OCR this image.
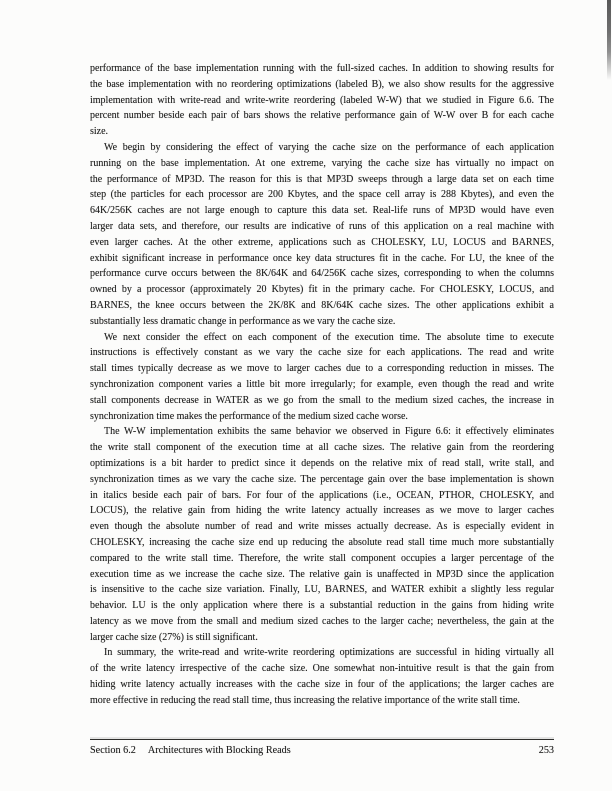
performance of the base implementation running with the full-sized caches. In addition to showing results for
the base implementation with no reordering optimizations (labeled B), we also show results for the aggressive
implementation with write-read and write-write reordering (labeled W-W) that we studied in Figure 6.6. The
percent number beside each pair of bars shows the relative performance gain of W-W over B for each cache
size.
We begin by considering the effect of varying the cache size on the performance of each application
running on the base implementation. At one extreme, varying the cache size has virtually no impact on
the performance of MP3D. The reason for this is that MP3D sweeps through a large data set on each time
step (the particles for each processor are 200 Kbytes, and the space cell array is 288 Kbytes), and even the
64K/256K caches are not large enough to capture this data set. Real-life runs of MP3D would have even
larger data sets, and therefore, our results are indicative of runs of this application on a real machine with
even larger caches. At the other extreme, applications such as CHOLESKY, LU, LOCUS and BARNES,
exhibit significant increase in performance once key data structures fit in the cache. For LU, the knee of the
performance curve occurs between the 8K/64K and 64/256K cache sizes, corresponding to when the columns
owned by a processor (approximately 20 Kbytes) fit in the primary cache. For CHOLESKY, LOCUS, and
BARNES, the knee occurs between the 2K/8K and 8K/64K cache sizes. The other applications exhibit a
substantially less dramatic change in performance as we vary the cache size.
We next consider the effect on each component of the execution time. The absolute time to execute
instructions is effectively constant as we vary the cache size for each applications. The read and write
stall times typically decrease as we move to larger caches due to a corresponding reduction in misses. The
synchronization component varies a little bit more irregularly; for example, even though the read and write
stall components decrease in WATER as we go from the small to the medium sized caches, the increase in
synchronization time makes the performance of the medium sized cache worse.
The W-W implementation exhibits the same behavior we observed in Figure 6.6: it effectively eliminates
the write stall component of the execution time at all cache sizes. The relative gain from the reordering
optimizations is a bit harder to predict since it depends on the relative mix of read stall, write stall, and
synchronization times as we vary the cache size. The percentage gain over the base implementation is shown
in italics beside each pair of bars. For four of the applications (i.e., OCEAN, PTHOR, CHOLESKY, and
LOCUS), the relative gain from hiding the write latency actually increases as we move to larger caches
even though the absolute number of read and write misses actually decrease. As is especially evident in
CHOLESKY, increasing the cache size end up reducing the absolute read stall time much more substantially
compared to the write stall time. Therefore, the write stall component occupies a larger percentage of the
execution time as we increase the cache size. The relative gain is unaffected in MP3D since the application
is insensitive to the cache size variation. Finally, LU, BARNES, and WATER exhibit a slightly less regular
behavior. LU is the only application where there is a substantial reduction in the gains from hiding write
latency as we move from the small and medium sized caches to the larger cache; nevertheless, the gain at the
larger cache size (27%) is still significant.
In summary, the write-read and write-write reordering optimizations are successful in hiding virtually all
of the write latency irrespective of the cache size. One somewhat non-intuitive result is that the gain from
hiding write latency actually increases with the cache size in four of the applications; the larger caches are
more effective in reducing the read stall time, thus increasing the relative importance of the write stall time.
Section 6.2 Architectures with Blocking Reads	253
